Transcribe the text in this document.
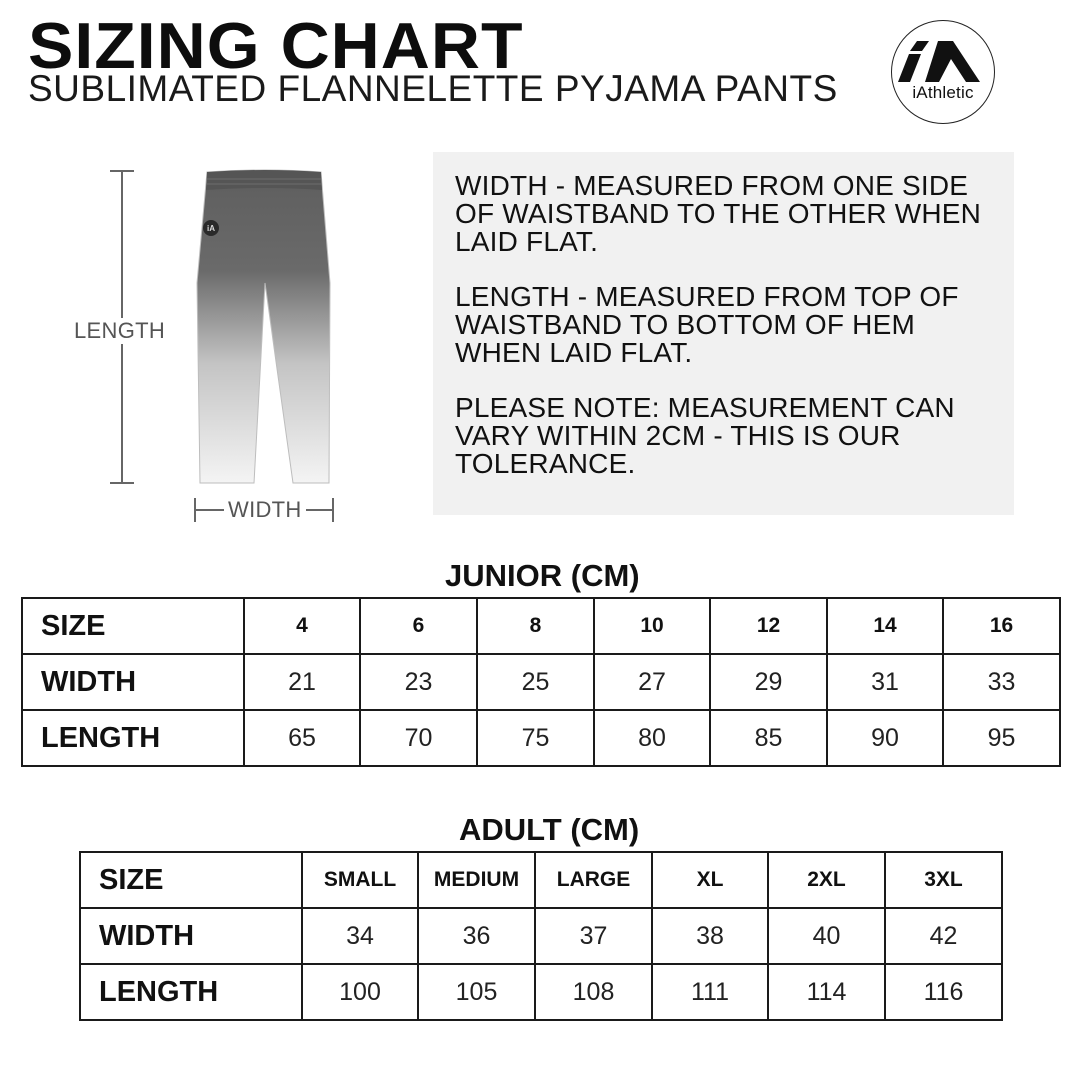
SIZING CHART
SUBLIMATED FLANNELETTE PYJAMA PANTS	iAthletic
LENGTH
WIDTH
iA

WIDTH - MEASURED FROM ONE SIDE OF WAISTBAND TO THE OTHER WHEN LAID FLAT.

LENGTH - MEASURED FROM TOP OF WAISTBAND TO BOTTOM OF HEM WHEN LAID FLAT.

PLEASE NOTE: MEASUREMENT CAN VARY WITHIN 2CM - THIS IS OUR TOLERANCE.

JUNIOR (CM)
SIZE	4	6	8	10	12	14	16
WIDTH	21	23	25	27	29	31	33
LENGTH	65	70	75	80	85	90	95
ADULT (CM)
SIZE	SMALL	MEDIUM	LARGE	XL	2XL	3XL
WIDTH	34	36	37	38	40	42
LENGTH	100	105	108	111	114	116
